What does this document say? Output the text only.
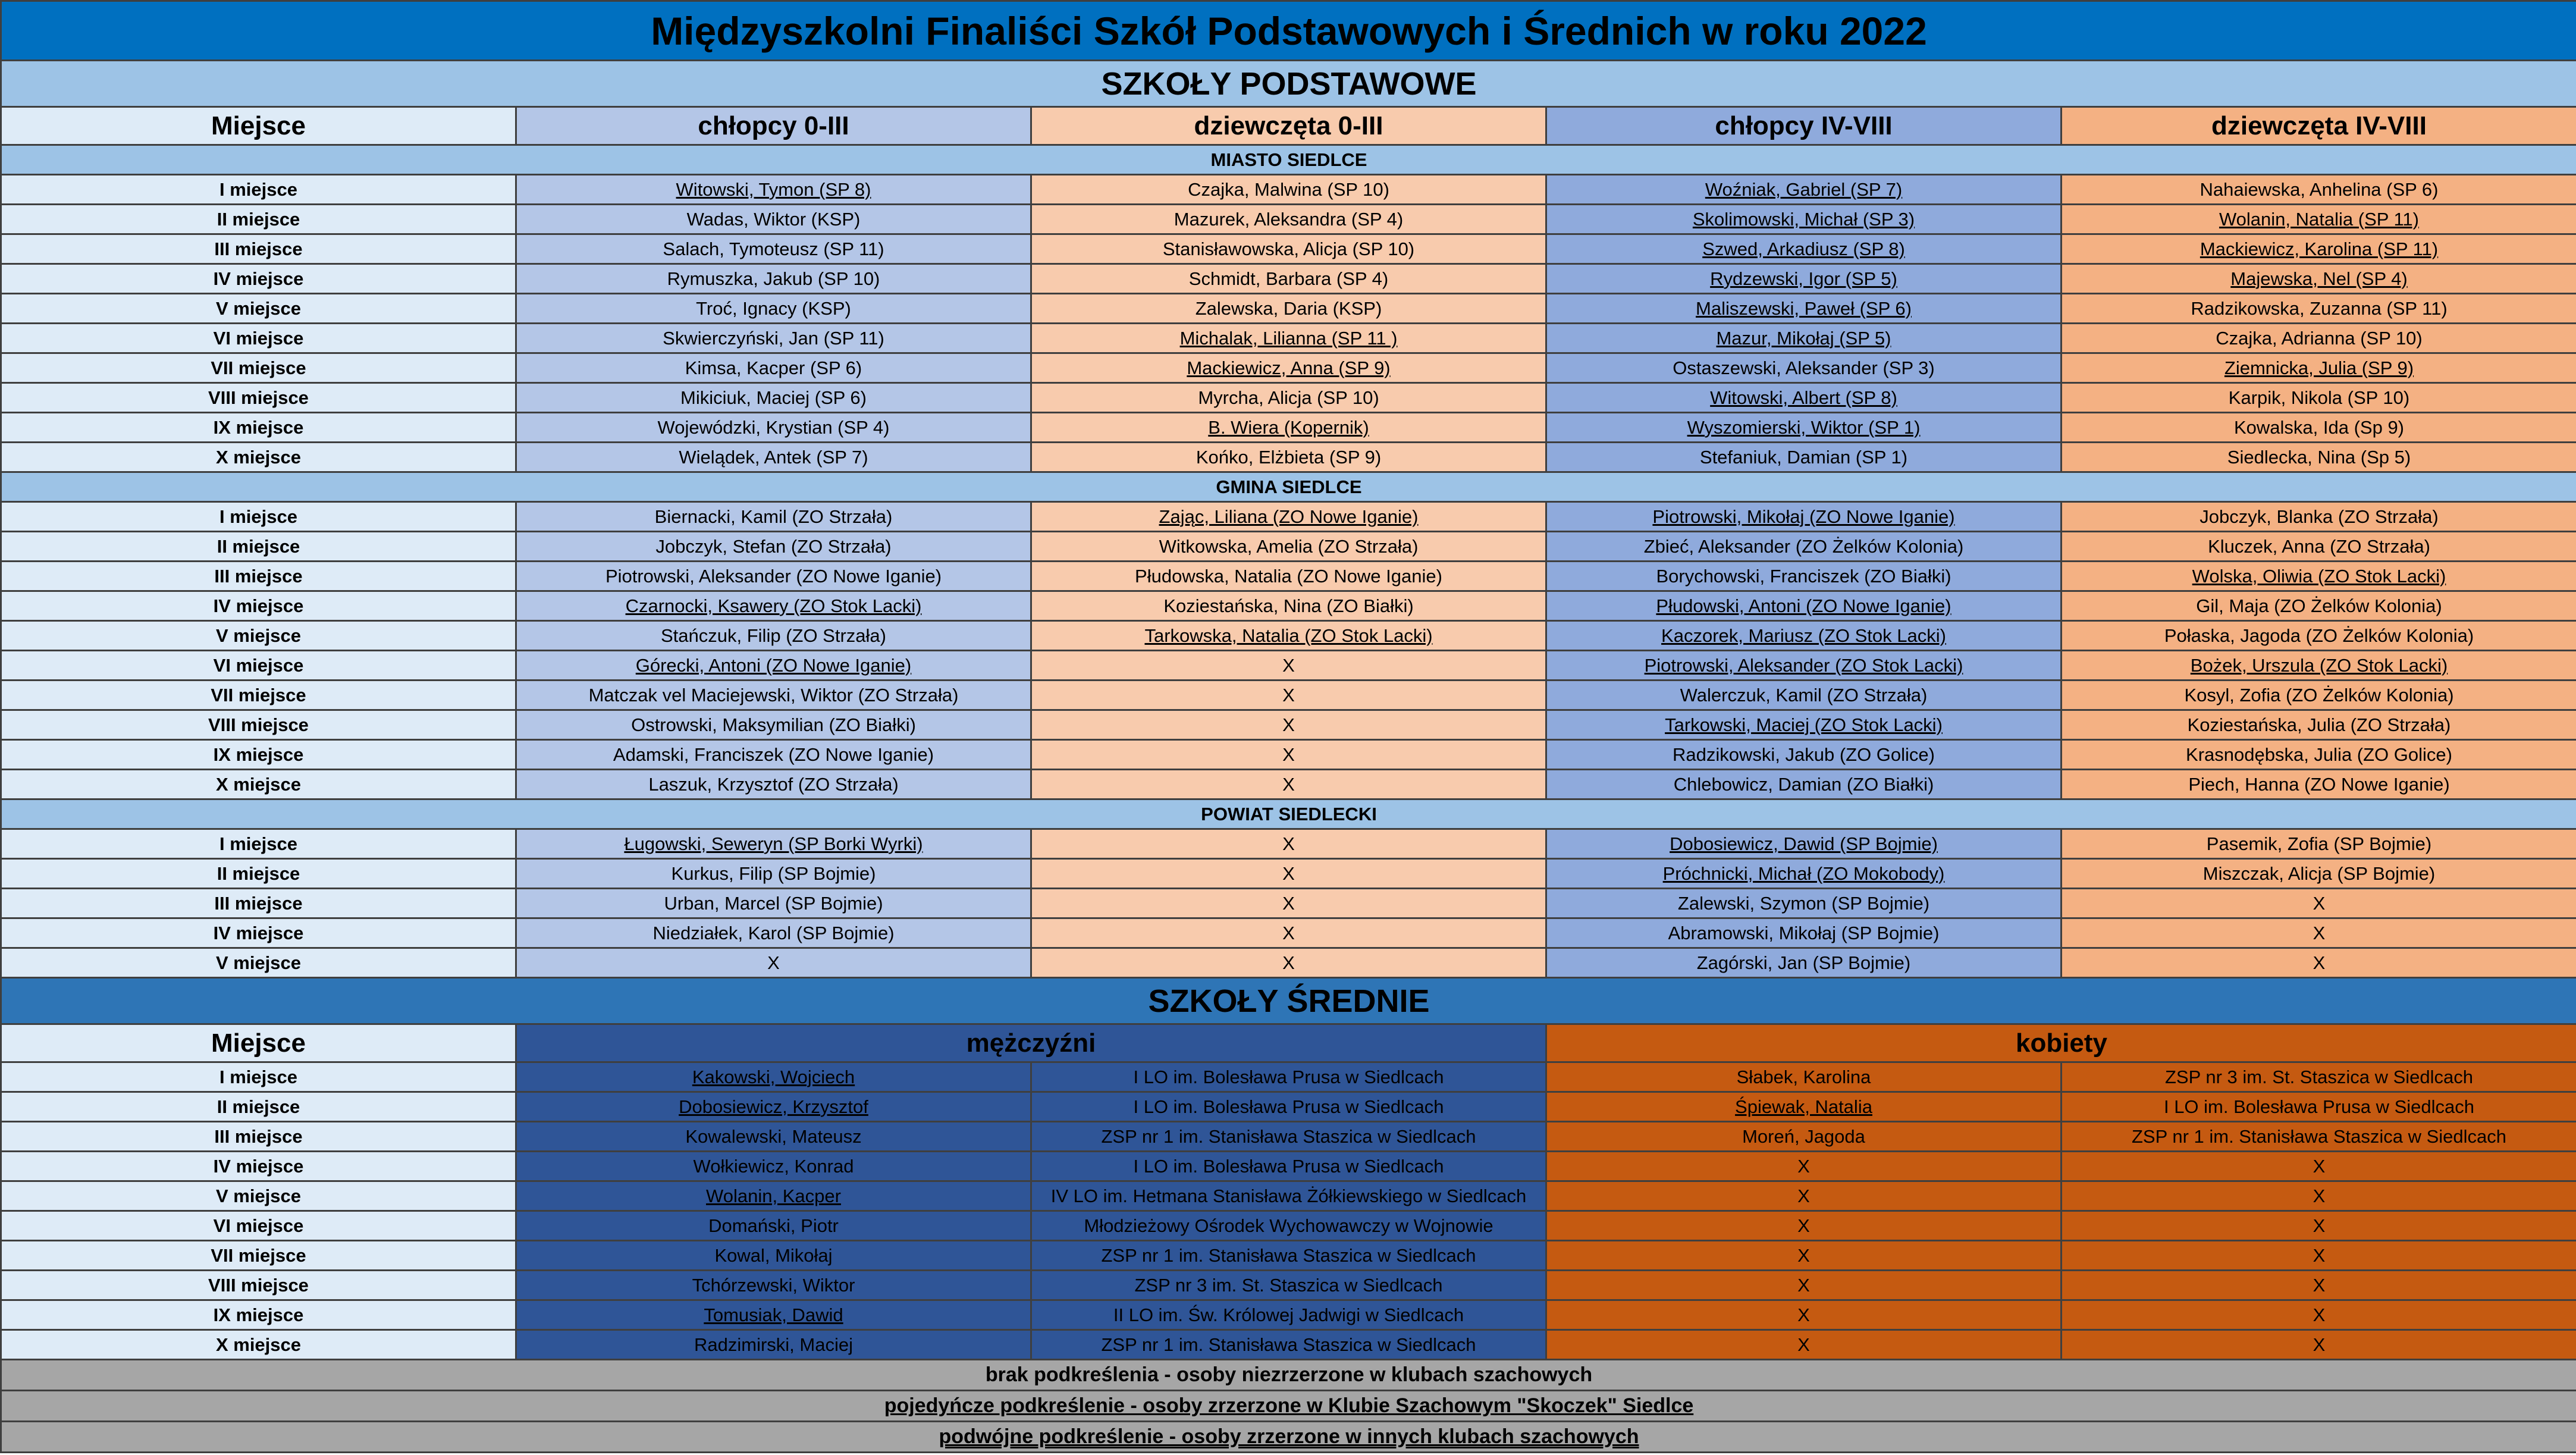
Międzyszkolni Finaliści Szkół Podstawowych i Średnich w roku 2022				
SZKOŁY PODSTAWOWE				
Miejsce	chłopcy 0-III	dziewczęta 0-III	chłopcy IV-VIII	dziewczęta IV-VIII
MIASTO SIEDLCE				
I miejsce	Witowski, Tymon (SP 8)	Czajka, Malwina (SP 10)	Woźniak, Gabriel (SP 7)	Nahaiewska, Anhelina (SP 6)
II miejsce	Wadas, Wiktor (KSP)	Mazurek, Aleksandra (SP 4)	Skolimowski, Michał (SP 3)	Wolanin, Natalia (SP 11)
III miejsce	Salach, Tymoteusz (SP 11)	Stanisławowska, Alicja (SP 10)	Szwed, Arkadiusz (SP 8)	Mackiewicz, Karolina (SP 11)
IV miejsce	Rymuszka, Jakub (SP 10)	Schmidt, Barbara (SP 4)	Rydzewski, Igor (SP 5)	Majewska, Nel (SP 4)
V miejsce	Troć, Ignacy (KSP)	Zalewska, Daria (KSP)	Maliszewski, Paweł (SP 6)	Radzikowska, Zuzanna (SP 11)
VI miejsce	Skwierczyński, Jan (SP 11)	Michalak, Lilianna (SP 11 )	Mazur, Mikołaj (SP 5)	Czajka, Adrianna (SP 10)
VII miejsce	Kimsa, Kacper (SP 6)	Mackiewicz, Anna (SP 9)	Ostaszewski, Aleksander (SP 3)	Ziemnicka, Julia (SP 9)
VIII miejsce	Mikiciuk, Maciej (SP 6)	Myrcha, Alicja (SP 10)	Witowski, Albert (SP 8)	Karpik, Nikola (SP 10)
IX miejsce	Wojewódzki, Krystian (SP 4)	B. Wiera (Kopernik)	Wyszomierski, Wiktor (SP 1)	Kowalska, Ida (Sp 9)
X miejsce	Wielądek, Antek (SP 7)	Końko, Elżbieta (SP 9)	Stefaniuk, Damian (SP 1)	Siedlecka, Nina (Sp 5)
GMINA SIEDLCE				
I miejsce	Biernacki, Kamil (ZO Strzała)	Zając, Liliana (ZO Nowe Iganie)	Piotrowski, Mikołaj (ZO Nowe Iganie)	Jobczyk, Blanka (ZO Strzała)
II miejsce	Jobczyk, Stefan (ZO Strzała)	Witkowska, Amelia (ZO Strzała)	Zbieć, Aleksander (ZO Żelków Kolonia)	Kluczek, Anna (ZO Strzała)
III miejsce	Piotrowski, Aleksander (ZO Nowe Iganie)	Płudowska, Natalia (ZO Nowe Iganie)	Borychowski, Franciszek (ZO Białki)	Wolska, Oliwia (ZO Stok Lacki)
IV miejsce	Czarnocki, Ksawery (ZO Stok Lacki)	Koziestańska, Nina (ZO Białki)	Płudowski, Antoni (ZO Nowe Iganie)	Gil, Maja (ZO Żelków Kolonia)
V miejsce	Stańczuk, Filip (ZO Strzała)	Tarkowska, Natalia (ZO Stok Lacki)	Kaczorek, Mariusz (ZO Stok Lacki)	Połaska, Jagoda (ZO Żelków Kolonia)
VI miejsce	Górecki, Antoni (ZO Nowe Iganie)	X	Piotrowski, Aleksander (ZO Stok Lacki)	Bożek, Urszula (ZO Stok Lacki)
VII miejsce	Matczak vel Maciejewski, Wiktor (ZO Strzała)	X	Walerczuk, Kamil (ZO Strzała)	Kosyl, Zofia (ZO Żelków Kolonia)
VIII miejsce	Ostrowski, Maksymilian (ZO Białki)	X	Tarkowski, Maciej (ZO Stok Lacki)	Koziestańska, Julia (ZO Strzała)
IX miejsce	Adamski, Franciszek (ZO Nowe Iganie)	X	Radzikowski, Jakub (ZO Golice)	Krasnodębska, Julia (ZO Golice)
X miejsce	Laszuk, Krzysztof (ZO Strzała)	X	Chlebowicz, Damian (ZO Białki)	Piech, Hanna (ZO Nowe Iganie)
POWIAT SIEDLECKI				
I miejsce	Ługowski, Seweryn (SP Borki Wyrki)	X	Dobosiewicz, Dawid (SP Bojmie)	Pasemik, Zofia (SP Bojmie)
II miejsce	Kurkus, Filip (SP Bojmie)	X	Próchnicki, Michał (ZO Mokobody)	Miszczak, Alicja (SP Bojmie)
III miejsce	Urban, Marcel (SP Bojmie)	X	Zalewski, Szymon (SP Bojmie)	X
IV miejsce	Niedziałek, Karol (SP Bojmie)	X	Abramowski, Mikołaj (SP Bojmie)	X
V miejsce	X	X	Zagórski, Jan (SP Bojmie)	X
SZKOŁY ŚREDNIE				
Miejsce	mężczyźni		kobiety	
I miejsce	Kakowski, Wojciech	I LO im. Bolesława Prusa w Siedlcach	Słabek, Karolina	ZSP nr 3 im. St. Staszica w Siedlcach
II miejsce	Dobosiewicz, Krzysztof	I LO im. Bolesława Prusa w Siedlcach	Śpiewak, Natalia	I LO im. Bolesława Prusa w Siedlcach
III miejsce	Kowalewski, Mateusz	ZSP nr 1 im. Stanisława Staszica w Siedlcach	Moreń, Jagoda	ZSP nr 1 im. Stanisława Staszica w Siedlcach
IV miejsce	Wołkiewicz, Konrad	I LO im. Bolesława Prusa w Siedlcach	X	X
V miejsce	Wolanin, Kacper	IV LO im. Hetmana Stanisława Żółkiewskiego w Siedlcach	X	X
VI miejsce	Domański, Piotr	Młodzieżowy Ośrodek Wychowawczy w Wojnowie	X	X
VII miejsce	Kowal, Mikołaj	ZSP nr 1 im. Stanisława Staszica w Siedlcach	X	X
VIII miejsce	Tchórzewski, Wiktor	ZSP nr 3 im. St. Staszica w Siedlcach	X	X
IX miejsce	Tomusiak, Dawid	II LO im. Św. Królowej Jadwigi w Siedlcach	X	X
X miejsce	Radzimirski, Maciej	ZSP nr 1 im. Stanisława Staszica w Siedlcach	X	X
brak podkreślenia - osoby niezrzerzone w klubach szachowych				
pojedyńcze podkreślenie - osoby zrzerzone w Klubie Szachowym "Skoczek" Siedlce				
podwójne podkreślenie - osoby zrzerzone w innych klubach szachowych				
